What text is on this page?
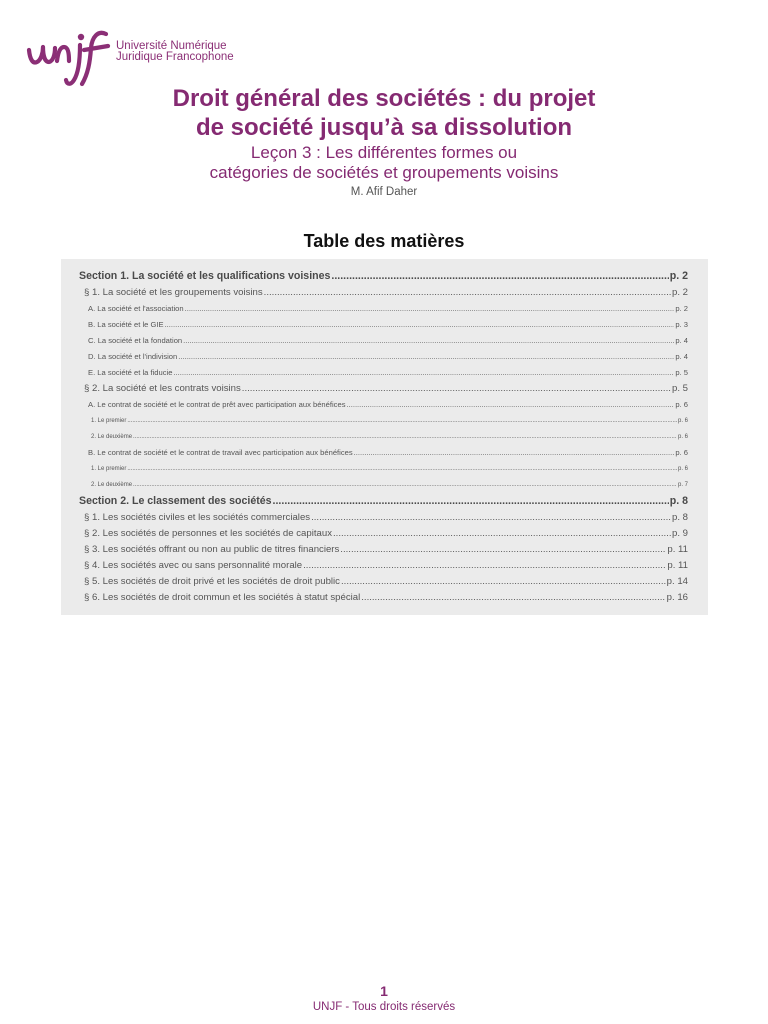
Université Numérique
Juridique Francophone
Droit général des sociétés : du projet
de société jusqu’à sa dissolution
Leçon 3 : Les différentes formes ou
catégories de sociétés et groupements voisins
M. Afif Daher
Table des matières
Section 1. La société et les qualifications voisines .....	p. 2
§ 1. La société et les groupements voisins .....	p. 2
A. La société et l'association .....	p. 2
B. La société et le GIE .....	p. 3
C. La société et la fondation .....	p. 4
D. La société et l'indivision .....	p. 4
E. La société et la fiducie .....	p. 5
§ 2. La société et les contrats voisins .....	p. 5
A. Le contrat de société et le contrat de prêt avec participation aux bénéfices .....	p. 6
1. Le premier .....	p. 6
2. Le deuxième .....	p. 6
B. Le contrat de société et le contrat de travail avec participation aux bénéfices .....	p. 6
1. Le premier .....	p. 6
2. Le deuxième .....	p. 7
Section 2. Le classement des sociétés .....	p. 8
§ 1. Les sociétés civiles et les sociétés commerciales .....	p. 8
§ 2. Les sociétés de personnes et les sociétés de capitaux .....	p. 9
§ 3. Les sociétés offrant ou non au public de titres financiers .....	p. 11
§ 4. Les sociétés avec ou sans personnalité morale .....	p. 11
§ 5. Les sociétés de droit privé et les sociétés de droit public .....	p. 14
§ 6. Les sociétés de droit commun et les sociétés à statut spécial .....	p. 16
1
UNJF - Tous droits réservés
